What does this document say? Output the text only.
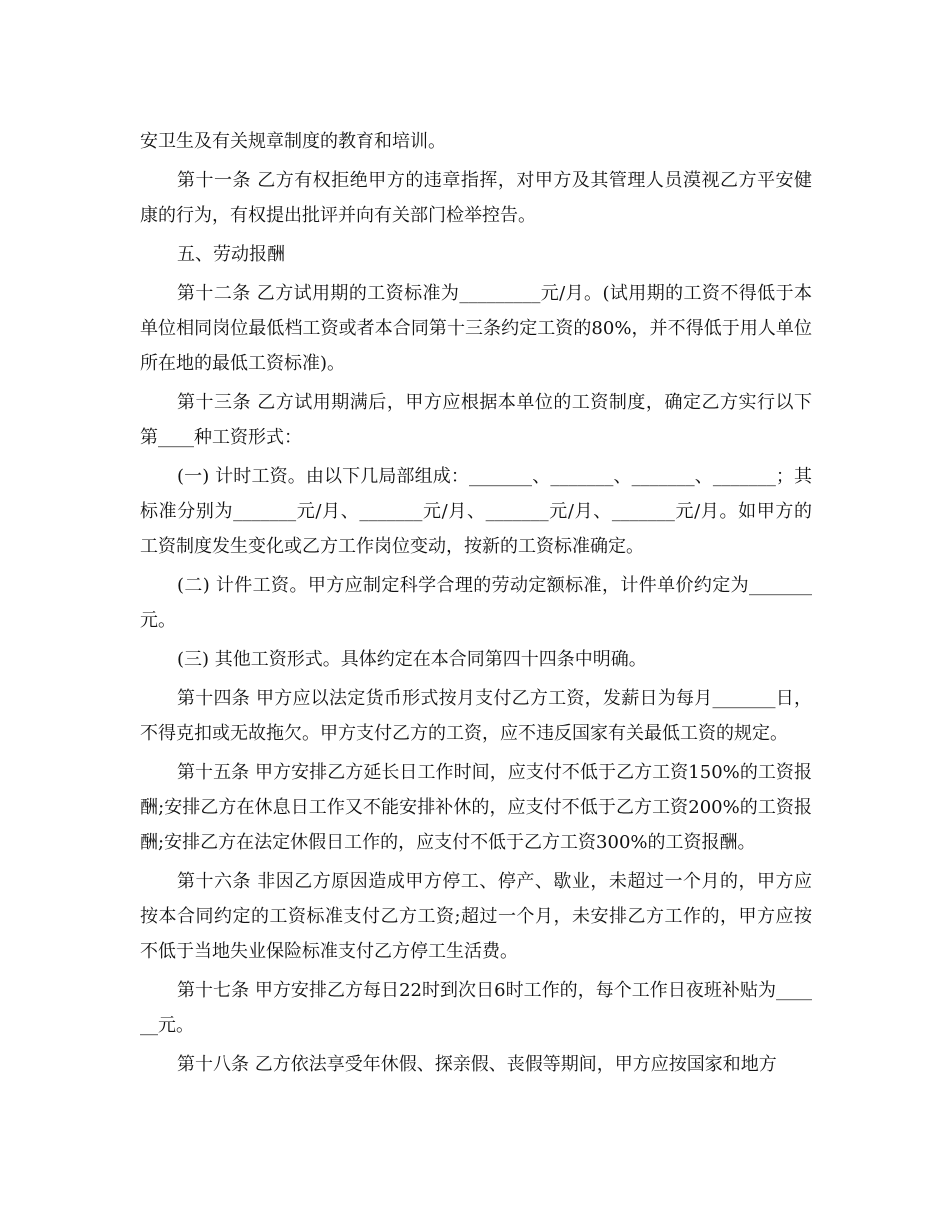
安卫生及有关规章制度的教育和培训。

第十一条 乙方有权拒绝甲方的违章指挥，对甲方及其管理人员漠视乙方平安健康的行为，有权提出批评并向有关部门检举控告。

五、劳动报酬

第十二条 乙方试用期的工资标准为_________元/月。(试用期的工资不得低于本单位相同岗位最低档工资或者本合同第十三条约定工资的80%，并不得低于用人单位所在地的最低工资标准)。

第十三条 乙方试用期满后，甲方应根据本单位的工资制度，确定乙方实行以下第____种工资形式：

(一) 计时工资。由以下几局部组成：_______、_______、_______、_______；其标准分别为_______元/月、_______元/月、_______元/月、_______元/月。如甲方的工资制度发生变化或乙方工作岗位变动，按新的工资标准确定。

(二) 计件工资。甲方应制定科学合理的劳动定额标准，计件单价约定为_______元。

(三) 其他工资形式。具体约定在本合同第四十四条中明确。

第十四条 甲方应以法定货币形式按月支付乙方工资，发薪日为每月_______日，不得克扣或无故拖欠。甲方支付乙方的工资，应不违反国家有关最低工资的规定。

第十五条 甲方安排乙方延长日工作时间，应支付不低于乙方工资150%的工资报酬;安排乙方在休息日工作又不能安排补休的，应支付不低于乙方工资200%的工资报酬;安排乙方在法定休假日工作的，应支付不低于乙方工资300%的工资报酬。

第十六条 非因乙方原因造成甲方停工、停产、歇业，未超过一个月的，甲方应按本合同约定的工资标准支付乙方工资;超过一个月，未安排乙方工作的，甲方应按不低于当地失业保险标准支付乙方停工生活费。

第十七条 甲方安排乙方每日22时到次日6时工作的，每个工作日夜班补贴为______元。

第十八条 乙方依法享受年休假、探亲假、丧假等期间，甲方应按国家和地方
